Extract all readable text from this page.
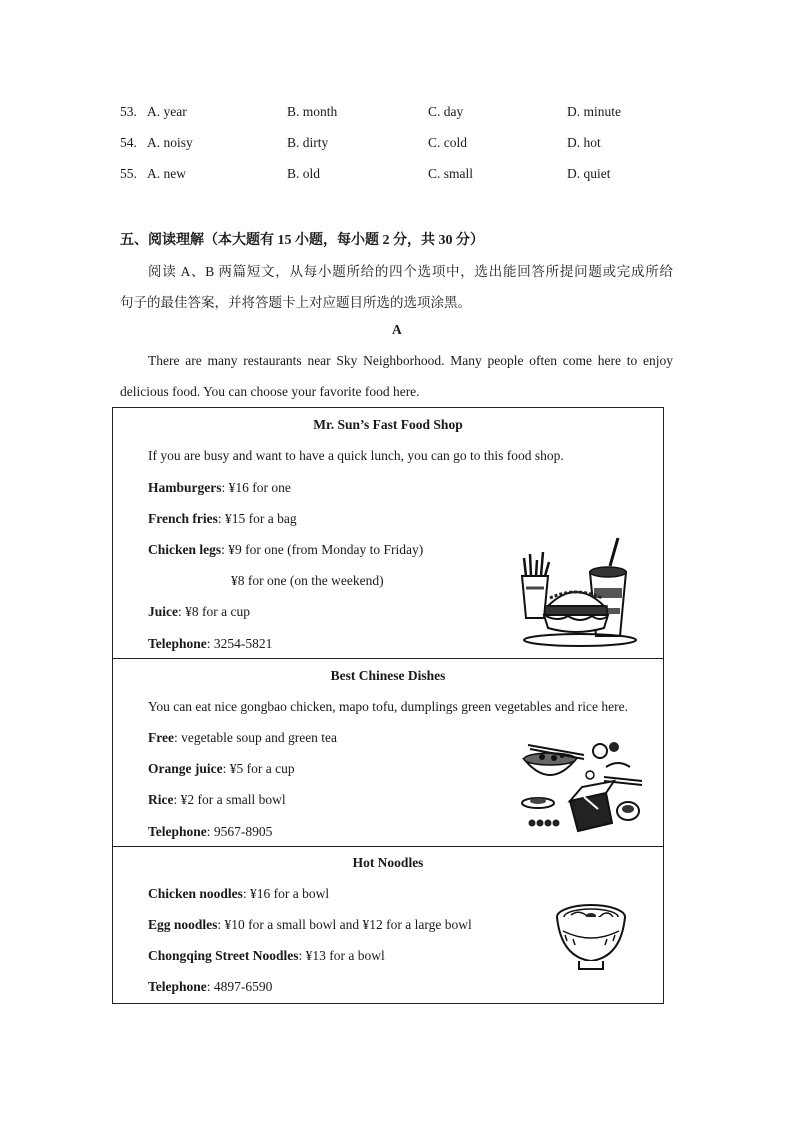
53. A. year	B. month	C. day	D. minute
54. A. noisy	B. dirty	C. cold	D. hot
55. A. new	B. old	C. small	D. quiet
五、阅读理解（本大题有 15 小题，每小题 2 分，共 30 分）
阅读 A、B 两篇短文，从每小题所给的四个选项中，选出能回答所提问题或完成所给
句子的最佳答案，并将答题卡上对应题目所选的选项涂黑。
A
There are many restaurants near Sky Neighborhood. Many people often come here to enjoy
delicious food. You can choose your favorite food here.
Mr. Sun’s Fast Food Shop
If you are busy and want to have a quick lunch, you can go to this food shop.
Hamburgers: ¥16 for one
French fries: ¥15 for a bag
Chicken legs: ¥9 for one (from Monday to Friday)
¥8 for one (on the weekend)
Juice: ¥8 for a cup
Telephone: 3254-5821
Best Chinese Dishes
You can eat nice gongbao chicken, mapo tofu, dumplings green vegetables and rice here.
Free: vegetable soup and green tea
Orange juice: ¥5 for a cup
Rice: ¥2 for a small bowl
Telephone: 9567-8905
Hot Noodles
Chicken noodles: ¥16 for a bowl
Egg noodles: ¥10 for a small bowl and ¥12 for a large bowl
Chongqing Street Noodles: ¥13 for a bowl
Telephone: 4897-6590
